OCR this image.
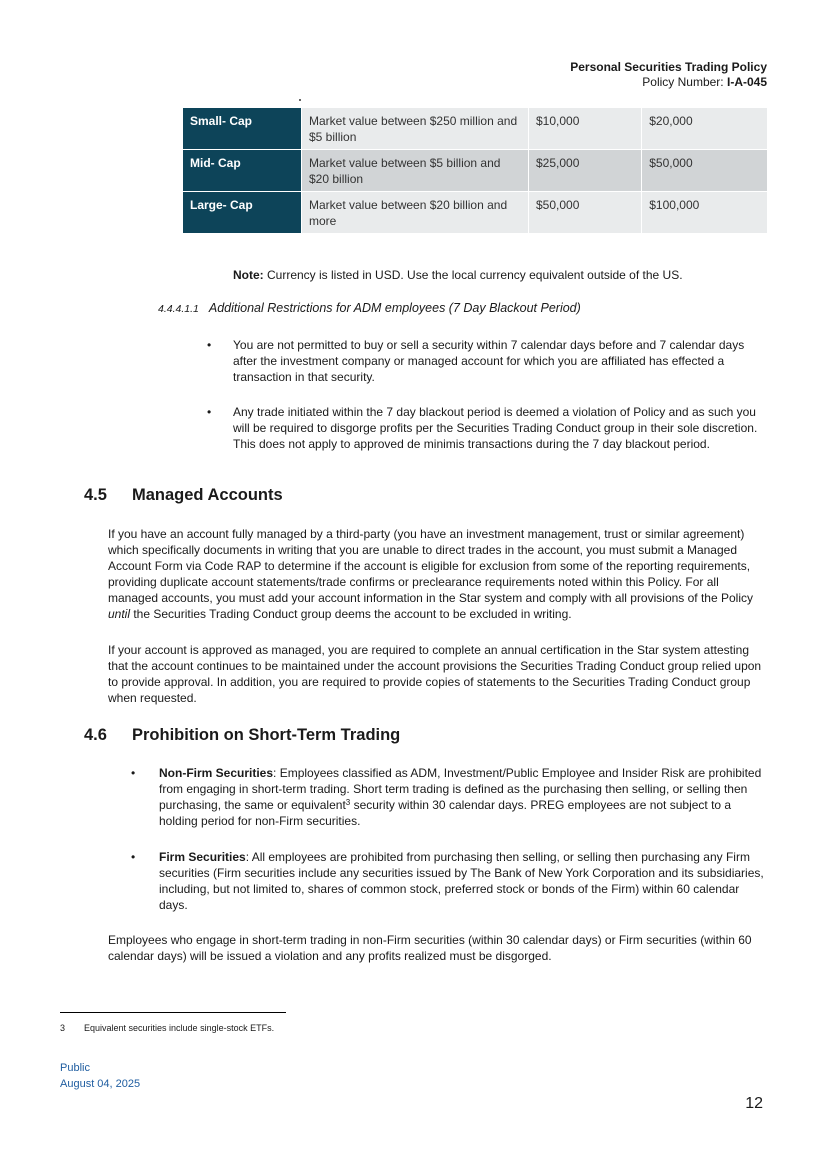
Personal Securities Trading Policy
Policy Number: I-A-045
Small- Cap	Market value between $250 million and $5 billion	$10,000	$20,000
Mid- Cap	Market value between $5 billion and $20 billion	$25,000	$50,000
Large- Cap	Market value between $20 billion and more	$50,000	$100,000
Note: Currency is listed in USD. Use the local currency equivalent outside of the US.
4.4.4.1.1 Additional Restrictions for ADM employees (7 Day Blackout Period)
• You are not permitted to buy or sell a security within 7 calendar days before and 7 calendar days after the investment company or managed account for which you are affiliated has effected a transaction in that security.
• Any trade initiated within the 7 day blackout period is deemed a violation of Policy and as such you will be required to disgorge profits per the Securities Trading Conduct group in their sole discretion. This does not apply to approved de minimis transactions during the 7 day blackout period.
4.5 Managed Accounts
If you have an account fully managed by a third-party (you have an investment management, trust or similar agreement) which specifically documents in writing that you are unable to direct trades in the account, you must submit a Managed Account Form via Code RAP to determine if the account is eligible for exclusion from some of the reporting requirements, providing duplicate account statements/trade confirms or preclearance requirements noted within this Policy. For all managed accounts, you must add your account information in the Star system and comply with all provisions of the Policy until the Securities Trading Conduct group deems the account to be excluded in writing.
If your account is approved as managed, you are required to complete an annual certification in the Star system attesting that the account continues to be maintained under the account provisions the Securities Trading Conduct group relied upon to provide approval. In addition, you are required to provide copies of statements to the Securities Trading Conduct group when requested.
4.6 Prohibition on Short-Term Trading
• Non-Firm Securities: Employees classified as ADM, Investment/Public Employee and Insider Risk are prohibited from engaging in short-term trading. Short term trading is defined as the purchasing then selling, or selling then purchasing, the same or equivalent$^3$ security within 30 calendar days. PREG employees are not subject to a holding period for non-Firm securities.
• Firm Securities: All employees are prohibited from purchasing then selling, or selling then purchasing any Firm securities (Firm securities include any securities issued by The Bank of New York Corporation and its subsidiaries, including, but not limited to, shares of common stock, preferred stock or bonds of the Firm) within 60 calendar days.
Employees who engage in short-term trading in non-Firm securities (within 30 calendar days) or Firm securities (within 60 calendar days) will be issued a violation and any profits realized must be disgorged.
3 Equivalent securities include single-stock ETFs.
Public
August 04, 2025
12
